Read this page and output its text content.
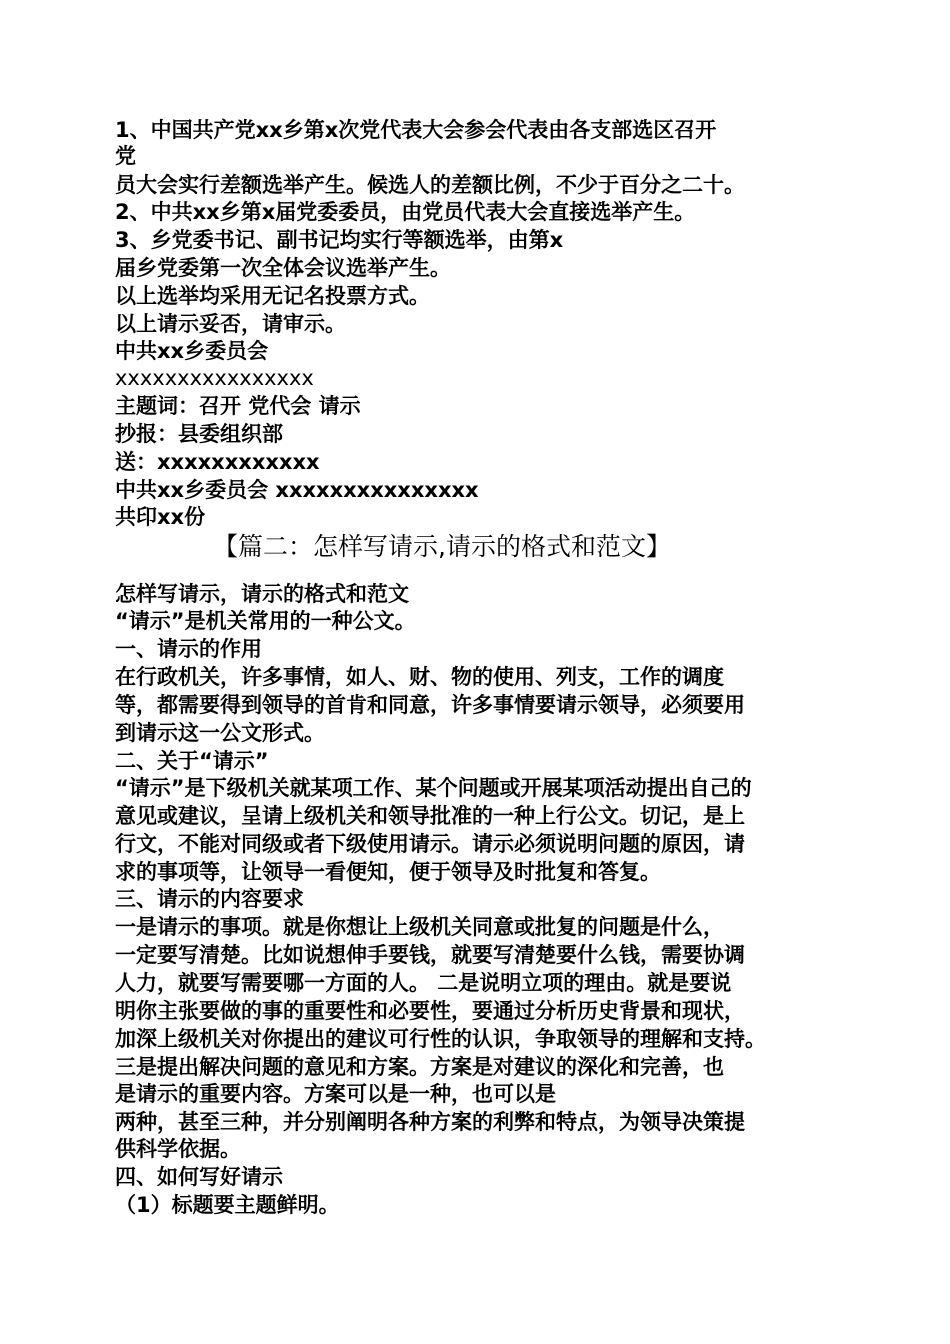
1、中国共产党xx乡第x次党代表大会参会代表由各支部选区召开
党
员大会实行差额选举产生。候选人的差额比例，不少于百分之二十。
2、中共xx乡第x届党委委员，由党员代表大会直接选举产生。
3、乡党委书记、副书记均实行等额选举，由第x
届乡党委第一次全体会议选举产生。
以上选举均采用无记名投票方式。
以上请示妥否，请审示。
中共xx乡委员会
xxxxxxxxxxxxxxxx
主题词：召开 党代会 请示
抄报：县委组织部
送：xxxxxxxxxxxx
中共xx乡委员会 xxxxxxxxxxxxxxx
共印xx份
【篇二：怎样写请示,请示的格式和范文】
怎样写请示，请示的格式和范文
“请示”是机关常用的一种公文。
一、请示的作用
在行政机关，许多事情，如人、财、物的使用、列支，工作的调度
等，都需要得到领导的首肯和同意，许多事情要请示领导，必须要用
到请示这一公文形式。
二、关于“请示”
“请示”是下级机关就某项工作、某个问题或开展某项活动提出自己的
意见或建议，呈请上级机关和领导批准的一种上行公文。切记，是上
行文，不能对同级或者下级使用请示。请示必须说明问题的原因，请
求的事项等，让领导一看便知，便于领导及时批复和答复。
三、请示的内容要求
一是请示的事项。就是你想让上级机关同意或批复的问题是什么，
一定要写清楚。比如说想伸手要钱，就要写清楚要什么钱，需要协调
人力，就要写需要哪一方面的人。 二是说明立项的理由。就是要说
明你主张要做的事的重要性和必要性，要通过分析历史背景和现状，
加深上级机关对你提出的建议可行性的认识，争取领导的理解和支持。
三是提出解决问题的意见和方案。方案是对建议的深化和完善，也
是请示的重要内容。方案可以是一种，也可以是
两种，甚至三种，并分别阐明各种方案的利弊和特点，为领导决策提
供科学依据。
四、如何写好请示
（1）标题要主题鲜明。
